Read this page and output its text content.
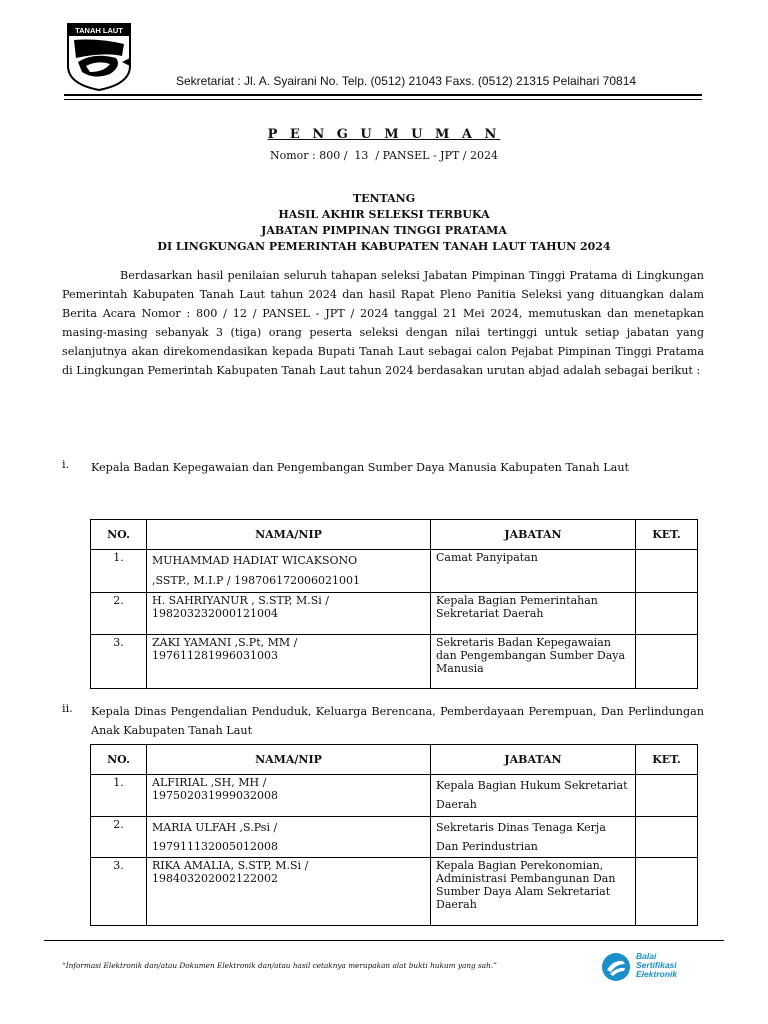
TANAH LAUT
Sekretariat : Jl. A. Syairani No. Telp. (0512) 21043 Faxs. (0512) 21315 Pelaihari 70814
P E N G U M U M A N
Nomor : 800 /  13  / PANSEL - JPT / 2024
TENTANG
HASIL AKHIR SELEKSI TERBUKA
JABATAN PIMPINAN TINGGI PRATAMA
DI LINGKUNGAN PEMERINTAH KABUPATEN TANAH LAUT TAHUN 2024
Berdasarkan hasil penilaian seluruh tahapan seleksi Jabatan Pimpinan Tinggi Pratama di Lingkungan Pemerintah Kabupaten Tanah Laut tahun 2024 dan hasil Rapat Pleno Panitia Seleksi yang dituangkan dalam Berita Acara Nomor : 800 / 12 / PANSEL - JPT / 2024 tanggal 21 Mei 2024, memutuskan dan menetapkan masing-masing sebanyak 3 (tiga) orang peserta seleksi dengan nilai tertinggi untuk setiap jabatan yang selanjutnya akan direkomendasikan kepada Bupati Tanah Laut sebagai calon Pejabat Pimpinan Tinggi Pratama di Lingkungan Pemerintah Kabupaten Tanah Laut tahun 2024 berdasakan urutan abjad adalah sebagai berikut :
i. Kepala Badan Kepegawaian dan Pengembangan Sumber Daya Manusia Kabupaten Tanah Laut
NO.	NAMA/NIP	JABATAN	KET.
1.	MUHAMMAD HADIAT WICAKSONO
,SSTP., M.I.P / 198706172006021001	Camat Panyipatan	
2.	H. SAHRIYANUR , S.STP, M.Si /
198203232000121004	Kepala Bagian Pemerintahan Sekretariat Daerah	
3.	ZAKI YAMANI ,S.Pt, MM /
197611281996031003	Sekretaris Badan Kepegawaian dan Pengembangan Sumber Daya Manusia	
ii. Kepala Dinas Pengendalian Penduduk, Keluarga Berencana, Pemberdayaan Perempuan, Dan Perlindungan Anak Kabupaten Tanah Laut
NO.	NAMA/NIP	JABATAN	KET.
1.	ALFIRIAL ,SH, MH /
197502031999032008	Kepala Bagian Hukum Sekretariat Daerah	
2.	MARIA ULFAH ,S.Psi /
197911132005012008	Sekretaris Dinas Tenaga Kerja Dan Perindustrian	
3.	RIKA AMALIA, S.STP, M.Si /
198403202002122002	Kepala Bagian Perekonomian, Administrasi Pembangunan Dan Sumber Daya Alam Sekretariat Daerah	
“Informasi Elektronik dan/atau Dokumen Elektronik dan/atau hasil cetaknya merupakan alat bukti hukum yang sah.”
Balai
Sertifikasi
Elektronik
